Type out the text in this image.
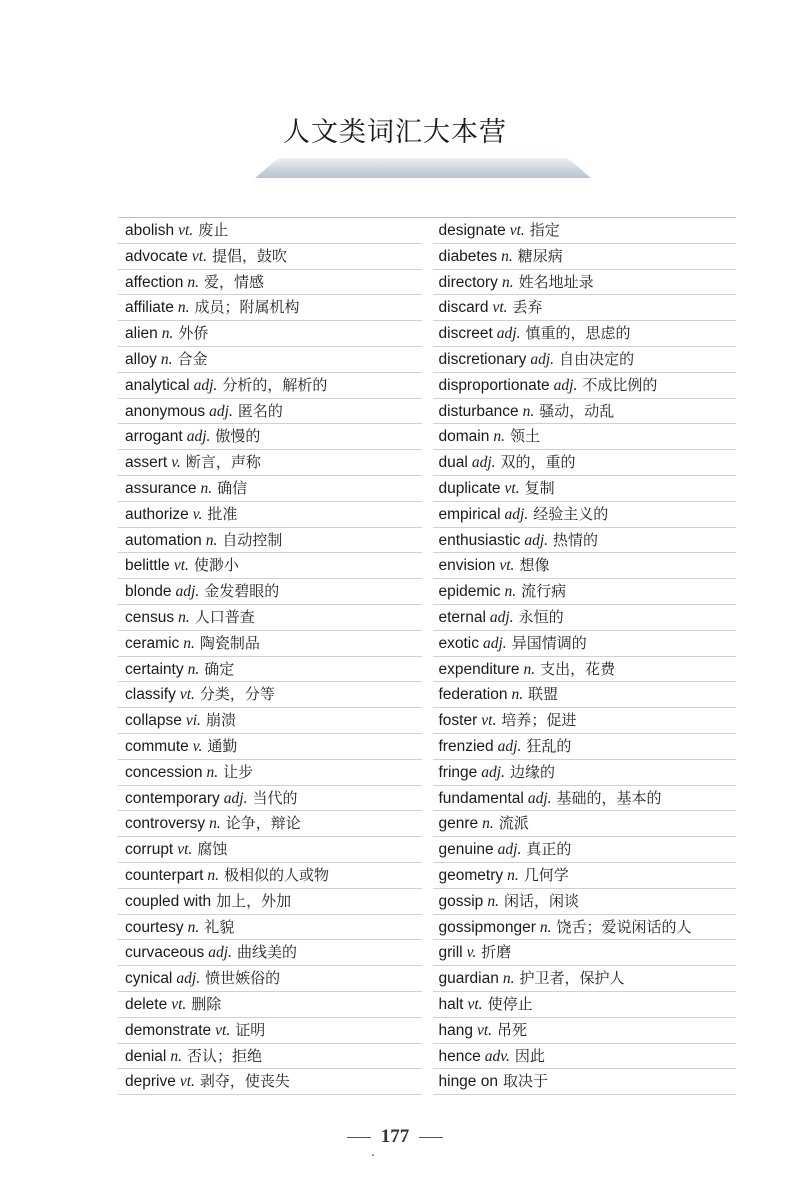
人文类词汇大本营
abolish vt. 废止
advocate vt. 提倡，鼓吹
affection n. 爱，情感
affiliate n. 成员；附属机构
alien n. 外侨
alloy n. 合金
analytical adj. 分析的，解析的
anonymous adj. 匿名的
arrogant adj. 傲慢的
assert v. 断言，声称
assurance n. 确信
authorize v. 批准
automation n. 自动控制
belittle vt. 使渺小
blonde adj. 金发碧眼的
census n. 人口普查
ceramic n. 陶瓷制品
certainty n. 确定
classify vt. 分类，分等
collapse vi. 崩溃
commute v. 通勤
concession n. 让步
contemporary adj. 当代的
controversy n. 论争，辩论
corrupt vt. 腐蚀
counterpart n. 极相似的人或物
coupled with 加上，外加
courtesy n. 礼貌
curvaceous adj. 曲线美的
cynical adj. 愤世嫉俗的
delete vt. 删除
demonstrate vt. 证明
denial n. 否认；拒绝
deprive vt. 剥夺，使丧失
designate vt. 指定
diabetes n. 糖尿病
directory n. 姓名地址录
discard vt. 丢弃
discreet adj. 慎重的，思虑的
discretionary adj. 自由决定的
disproportionate adj. 不成比例的
disturbance n. 骚动，动乱
domain n. 领土
dual adj. 双的，重的
duplicate vt. 复制
empirical adj. 经验主义的
enthusiastic adj. 热情的
envision vt. 想像
epidemic n. 流行病
eternal adj. 永恒的
exotic adj. 异国情调的
expenditure n. 支出，花费
federation n. 联盟
foster vt. 培养；促进
frenzied adj. 狂乱的
fringe adj. 边缘的
fundamental adj. 基础的，基本的
genre n. 流派
genuine adj. 真正的
geometry n. 几何学
gossip n. 闲话，闲谈
gossipmonger n. 饶舌；爱说闲话的人
grill v. 折磨
guardian n. 护卫者，保护人
halt vt. 使停止
hang vt. 吊死
hence adv. 因此
hinge on 取决于
177
